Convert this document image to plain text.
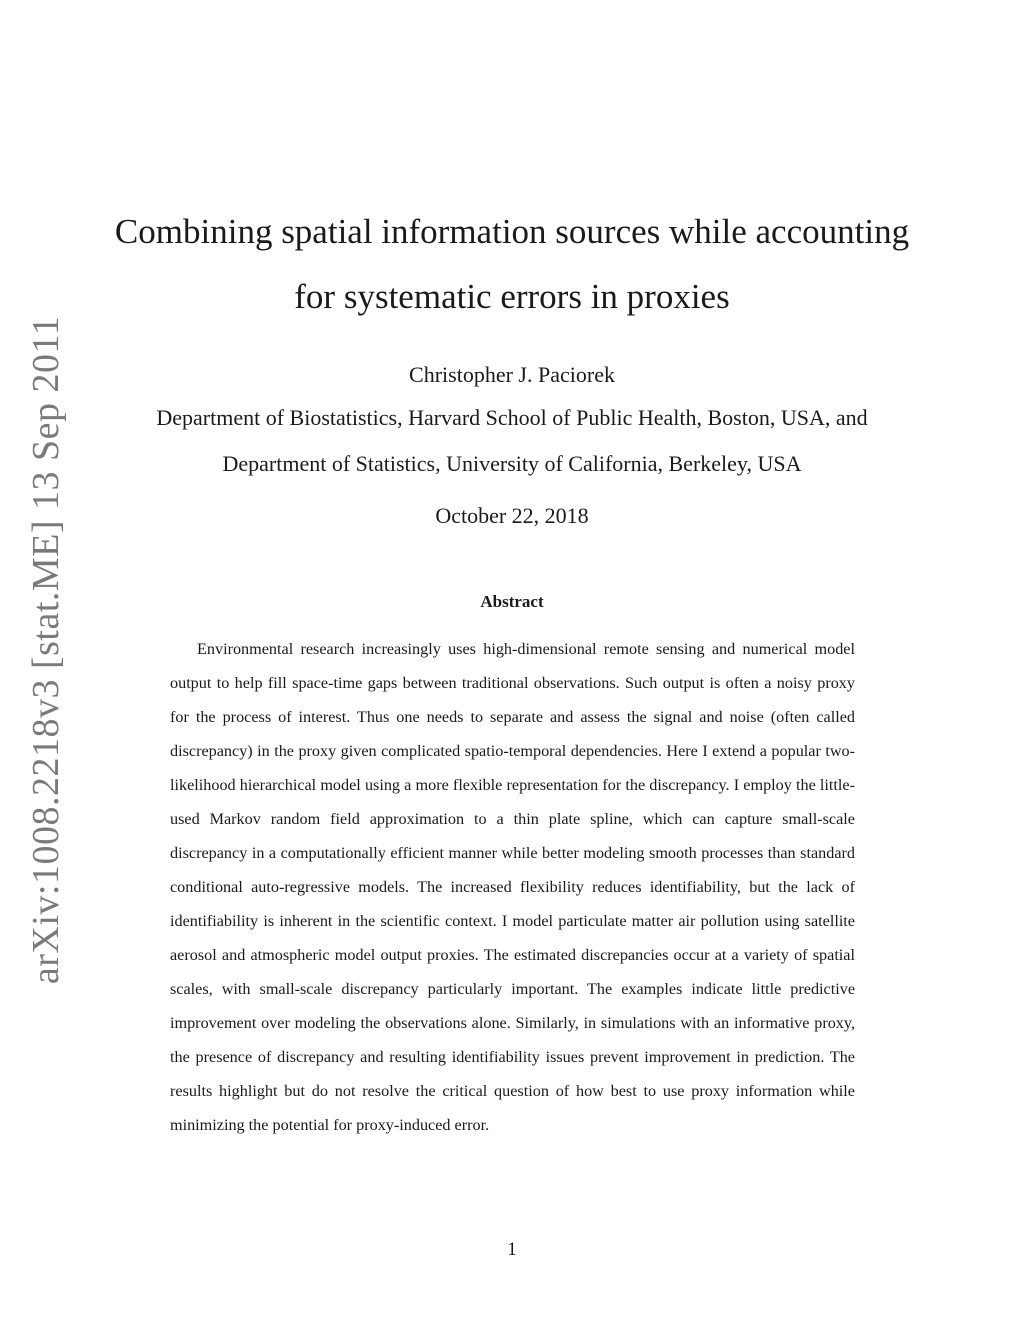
arXiv:1008.2218v3 [stat.ME] 13 Sep 2011
Combining spatial information sources while accounting
for systematic errors in proxies
Christopher J. Paciorek
Department of Biostatistics, Harvard School of Public Health, Boston, USA, and
Department of Statistics, University of California, Berkeley, USA
October 22, 2018
Abstract

Environmental research increasingly uses high-dimensional remote sensing and numerical model output to help fill space-time gaps between traditional observations. Such output is often a noisy proxy for the process of interest. Thus one needs to separate and assess the signal and noise (often called discrepancy) in the proxy given complicated spatio-temporal dependencies. Here I extend a popular two-likelihood hierarchical model using a more flexible representation for the discrepancy. I employ the little-used Markov random field approximation to a thin plate spline, which can capture small-scale discrepancy in a computationally efficient manner while better modeling smooth processes than standard conditional auto-regressive models. The increased flexibility reduces identifiability, but the lack of identifiability is inherent in the scientific context. I model particulate matter air pollution using satellite aerosol and atmospheric model output proxies. The estimated discrepancies occur at a variety of spatial scales, with small-scale discrepancy particularly important. The examples indicate little predictive improvement over modeling the observations alone. Similarly, in simulations with an informative proxy, the presence of discrepancy and resulting identifiability issues prevent improvement in prediction. The results highlight but do not resolve the critical question of how best to use proxy information while minimizing the potential for proxy-induced error.

1
